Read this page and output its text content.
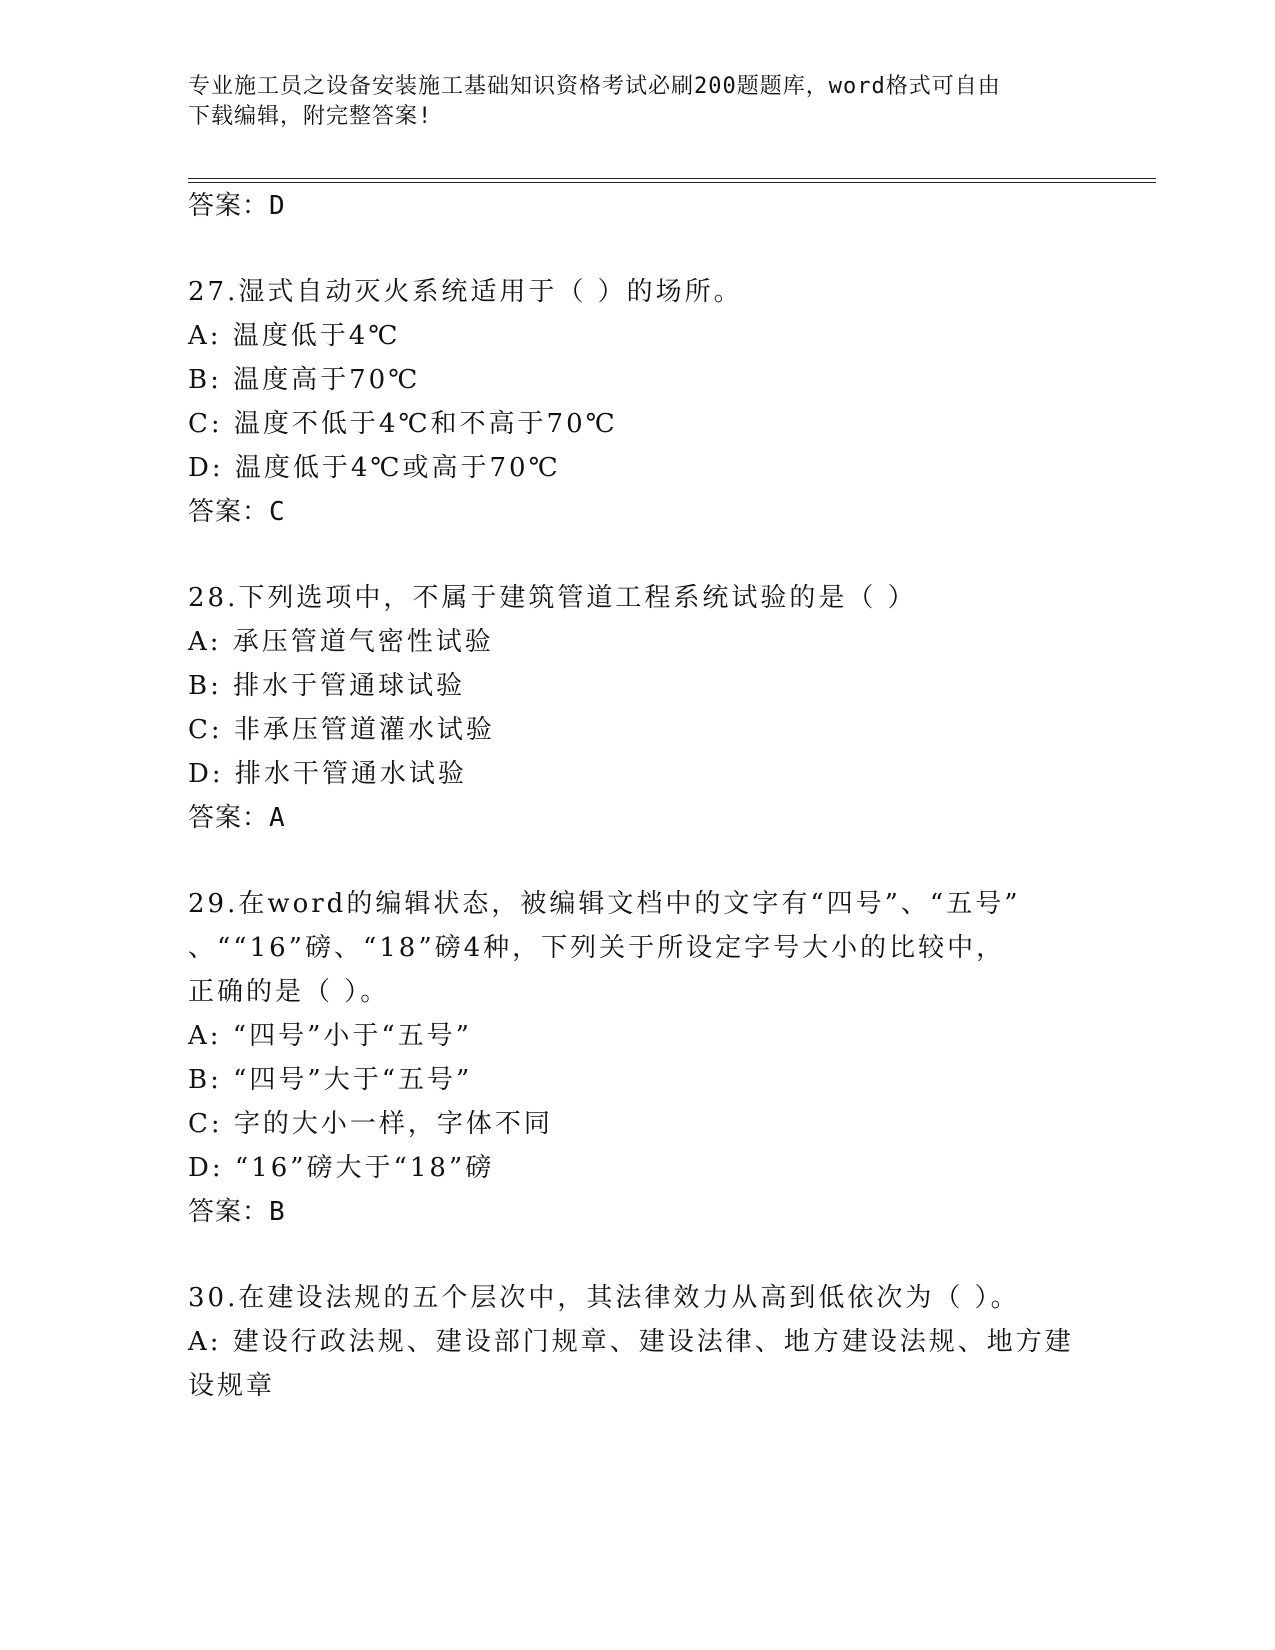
专业施工员之设备安装施工基础知识资格考试必刷200题题库，word格式可自由
下载编辑，附完整答案!
答案：D
27.湿式自动灭火系统适用于（ ）的场所。
A: 温度低于4℃
B: 温度高于70℃
C: 温度不低于4℃和不高于70℃
D: 温度低于4℃或高于70℃
答案：C
28.下列选项中，不属于建筑管道工程系统试验的是（ ）
A: 承压管道气密性试验
B: 排水于管通球试验
C: 非承压管道灌水试验
D: 排水干管通水试验
答案：A
29.在word的编辑状态，被编辑文档中的文字有“四号”、“五号”
、““16”磅、“18”磅4种，下列关于所设定字号大小的比较中，
正确的是（ ）。
A: “四号”小于“五号”
B: “四号”大于“五号”
C: 字的大小一样，字体不同
D: “16”磅大于“18”磅
答案：B
30.在建设法规的五个层次中，其法律效力从高到低依次为（ ）。
A: 建设行政法规、建设部门规章、建设法律、地方建设法规、地方建
设规章
